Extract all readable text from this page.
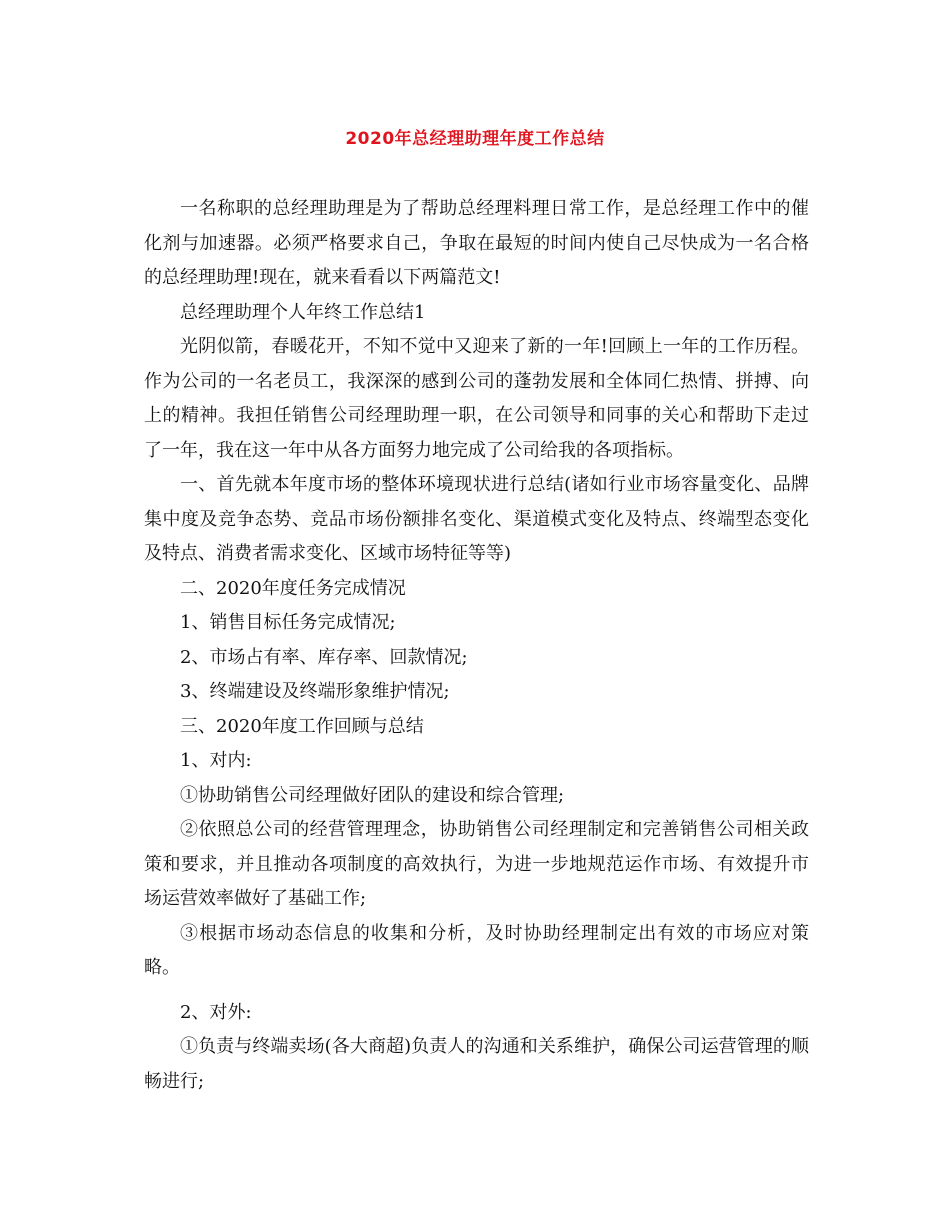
2020年总经理助理年度工作总结

一名称职的总经理助理是为了帮助总经理料理日常工作，是总经理工作中的催化剂与加速器。必须严格要求自己，争取在最短的时间内使自己尽快成为一名合格的总经理助理!现在，就来看看以下两篇范文!

总经理助理个人年终工作总结1

光阴似箭，春暖花开，不知不觉中又迎来了新的一年!回顾上一年的工作历程。作为公司的一名老员工，我深深的感到公司的蓬勃发展和全体同仁热情、拼搏、向上的精神。我担任销售公司经理助理一职，在公司领导和同事的关心和帮助下走过了一年，我在这一年中从各方面努力地完成了公司给我的各项指标。

一、首先就本年度市场的整体环境现状进行总结(诸如行业市场容量变化、品牌集中度及竞争态势、竞品市场份额排名变化、渠道模式变化及特点、终端型态变化及特点、消费者需求变化、区域市场特征等等)

二、2020年度任务完成情况

1、销售目标任务完成情况;

2、市场占有率、库存率、回款情况;

3、终端建设及终端形象维护情况;

三、2020年度工作回顾与总结

1、对内:

①协助销售公司经理做好团队的建设和综合管理;

②依照总公司的经营管理理念，协助销售公司经理制定和完善销售公司相关政策和要求，并且推动各项制度的高效执行，为进一步地规范运作市场、有效提升市场运营效率做好了基础工作;

③根据市场动态信息的收集和分析，及时协助经理制定出有效的市场应对策略。

2、对外:

①负责与终端卖场(各大商超)负责人的沟通和关系维护，确保公司运营管理的顺畅进行;
